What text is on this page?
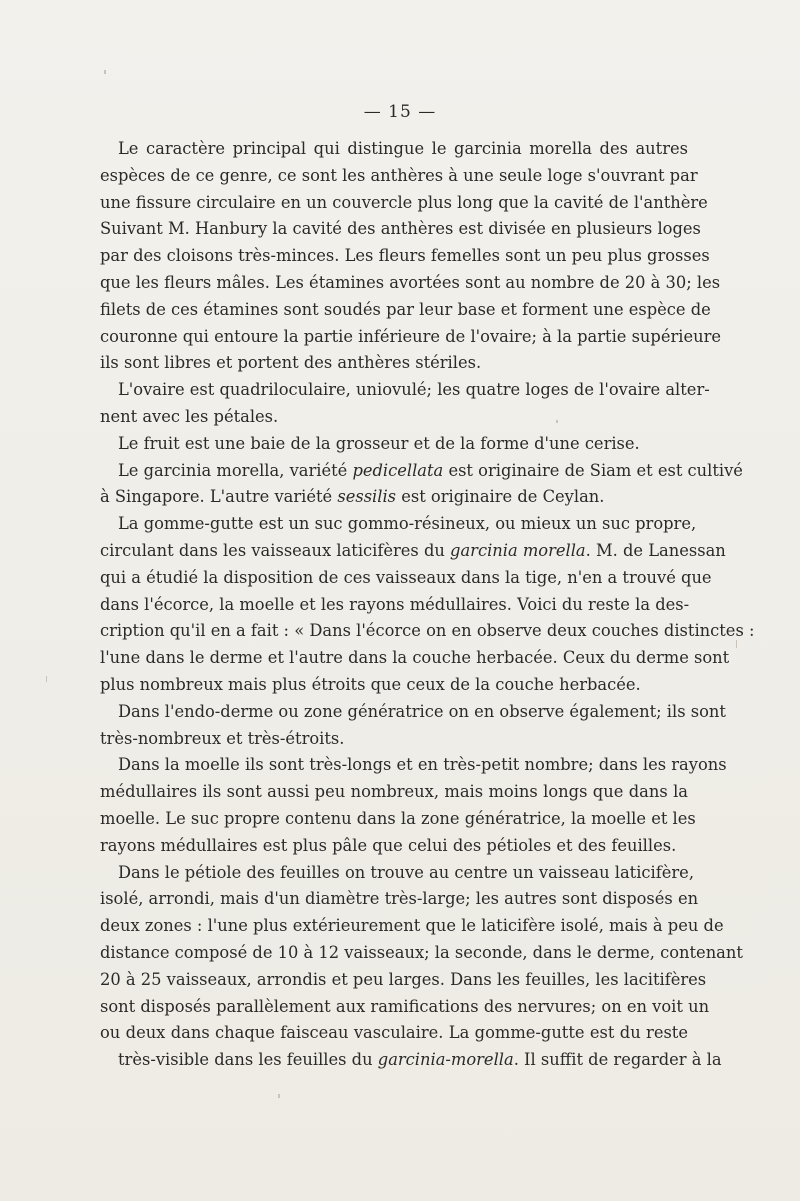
— 15 —

Le caractère principal qui distingue le garcinia morella des autres
espèces de ce genre, ce sont les anthères à une seule loge s'ouvrant par
une fissure circulaire en un couvercle plus long que la cavité de l'anthère
Suivant M. Hanbury la cavité des anthères est divisée en plusieurs loges
par des cloisons très-minces. Les fleurs femelles sont un peu plus grosses
que les fleurs mâles. Les étamines avortées sont au nombre de 20 à 30; les
filets de ces étamines sont soudés par leur base et forment une espèce de
couronne qui entoure la partie inférieure de l'ovaire; à la partie supérieure
ils sont libres et portent des anthères stériles.

L'ovaire est quadriloculaire, uniovulé; les quatre loges de l'ovaire alter-
nent avec les pétales.

Le fruit est une baie de la grosseur et de la forme d'une cerise.

Le garcinia morella, variété pedicellata est originaire de Siam et est cultivé
à Singapore. L'autre variété sessilis est originaire de Ceylan.

La gomme-gutte est un suc gommo-résineux, ou mieux un suc propre,
circulant dans les vaisseaux laticifères du garcinia morella. M. de Lanessan
qui a étudié la disposition de ces vaisseaux dans la tige, n'en a trouvé que
dans l'écorce, la moelle et les rayons médullaires. Voici du reste la des-
cription qu'il en a fait : « Dans l'écorce on en observe deux couches distinctes :
l'une dans le derme et l'autre dans la couche herbacée. Ceux du derme sont
plus nombreux mais plus étroits que ceux de la couche herbacée.

Dans l'endo-derme ou zone génératrice on en observe également; ils sont
très-nombreux et très-étroits.

Dans la moelle ils sont très-longs et en très-petit nombre; dans les rayons
médullaires ils sont aussi peu nombreux, mais moins longs que dans la
moelle. Le suc propre contenu dans la zone génératrice, la moelle et les
rayons médullaires est plus pâle que celui des pétioles et des feuilles.

Dans le pétiole des feuilles on trouve au centre un vaisseau laticifère,
isolé, arrondi, mais d'un diamètre très-large; les autres sont disposés en
deux zones : l'une plus extérieurement que le laticifère isolé, mais à peu de
distance composé de 10 à 12 vaisseaux; la seconde, dans le derme, contenant
20 à 25 vaisseaux, arrondis et peu larges. Dans les feuilles, les lacitifères
sont disposés parallèlement aux ramifications des nervures; on en voit un
ou deux dans chaque faisceau vasculaire. La gomme-gutte est du reste
très-visible dans les feuilles du garcinia-morella. Il suffit de regarder à la
